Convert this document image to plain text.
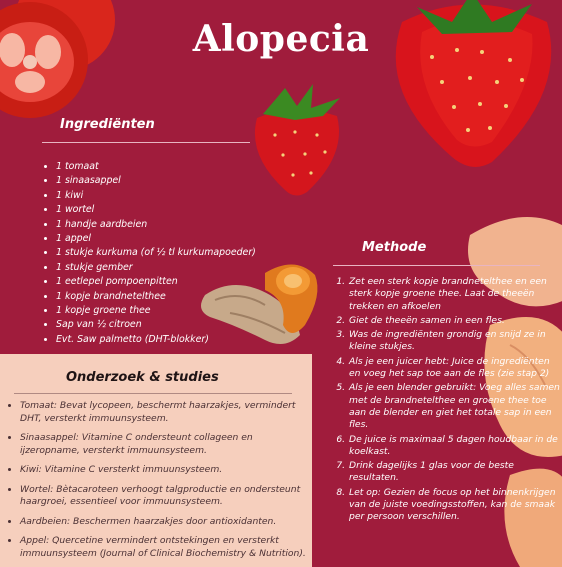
Alopecia
Ingrediënten
• 1 tomaat
• 1 sinaasappel
• 1 kiwi
• 1 wortel
• 1 handje aardbeien
• 1 appel
• 1 stukje kurkuma (of ½ tl kurkumapoeder)
• 1 stukje gember
• 1 eetlepel pompoenpitten
• 1 kopje brandnetelthee
• 1 kopje groene thee
• Sap van ½ citroen
• Evt. Saw palmetto (DHT-blokker)
Methode
1. Zet een sterk kopje brandnetelthee en een sterk kopje groene thee. Laat de theeën trekken en afkoelen
2. Giet de theeën samen in een fles.
3. Was de ingrediënten grondig en snijd ze in kleine stukjes.
4. Als je een juicer hebt: Juice de ingrediënten en voeg het sap toe aan de fles (zie stap 2)
5. Als je een blender gebruikt: Voeg alles samen met de brandnetelthee en groene thee toe aan de blender en giet het totale sap in een fles.
6. De juice is maximaal 5 dagen houdbaar in de koelkast.
7. Drink dagelijks 1 glas voor de beste resultaten.
8. Let op: Gezien de focus op het binnenkrijgen van de juiste voedingsstoffen, kan de smaak per persoon verschillen.
Onderzoek & studies
• Tomaat: Bevat lycopeen, beschermt haarzakjes, vermindert DHT, versterkt immuunsysteem.
• Sinaasappel: Vitamine C ondersteunt collageen en ijzeropname, versterkt immuunsysteem.
• Kiwi: Vitamine C versterkt immuunsysteem.
• Wortel: Bètacaroteen verhoogt talgproductie en ondersteunt haargroei, essentieel voor immuunsysteem.
• Aardbeien: Beschermen haarzakjes door antioxidanten.
• Appel: Quercetine vermindert ontstekingen en versterkt immuunsysteem (Journal of Clinical Biochemistry & Nutrition).
